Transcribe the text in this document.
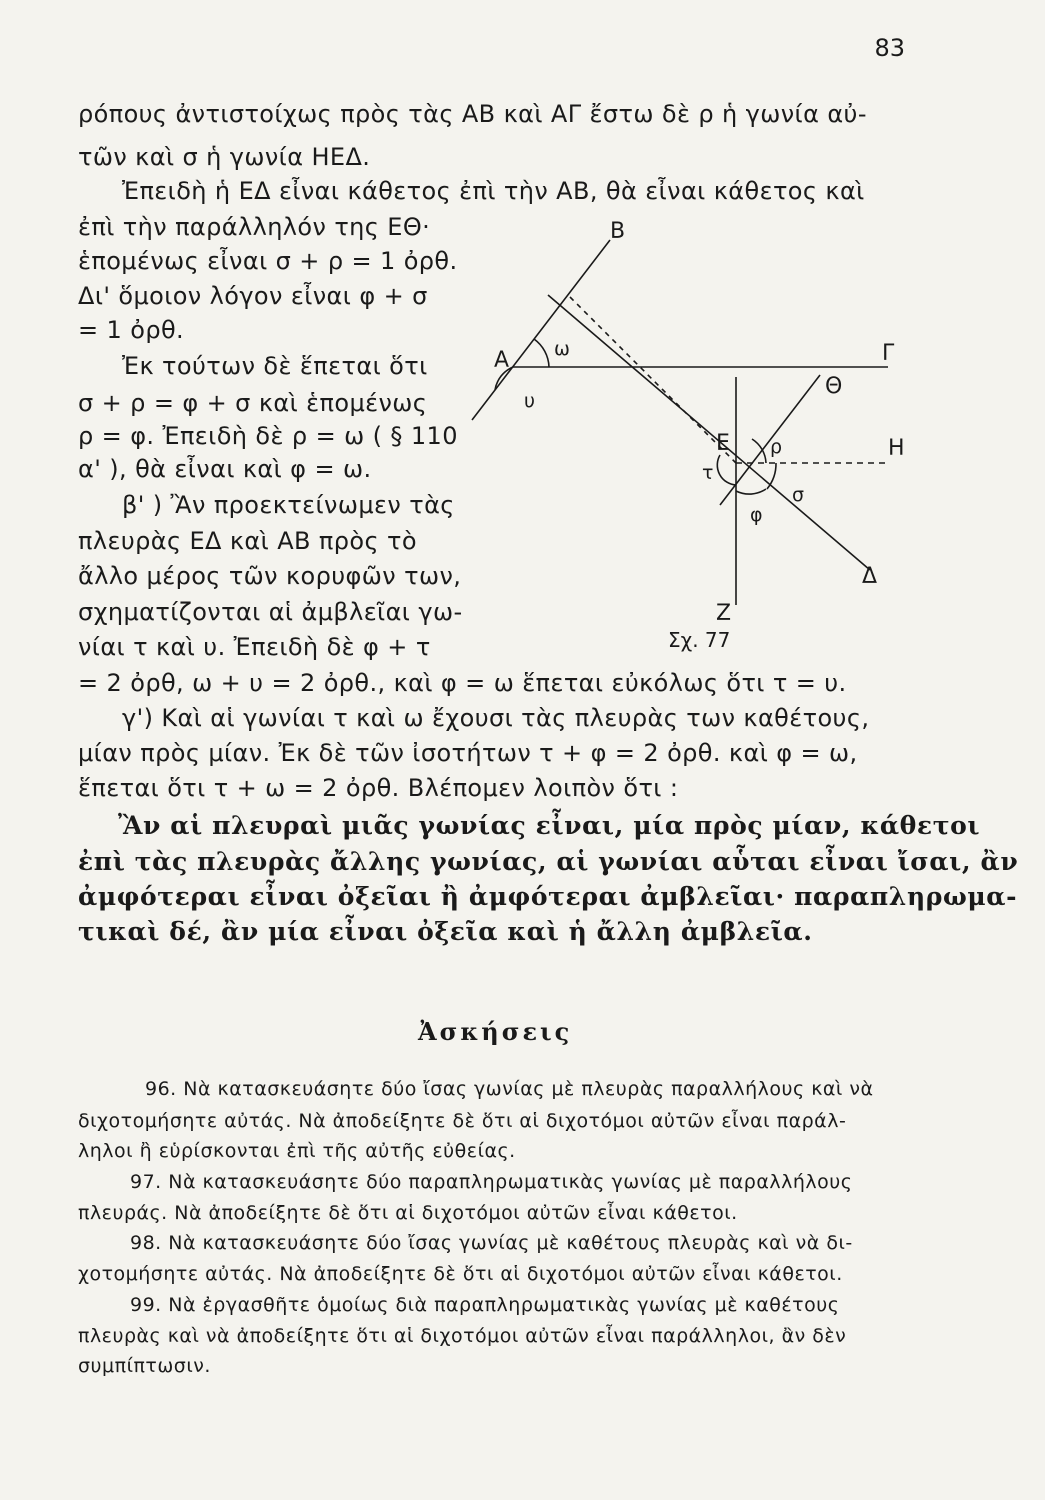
83
ρόπους ἀντιστοίχως πρὸς τὰς ΑΒ καὶ ΑΓ ἔστω δὲ ρ ἡ γωνία αὐ-
τῶν καὶ σ ἡ γωνία ΗΕΔ.
Ἐπειδὴ ἡ ΕΔ εἶναι κάθετος ἐπὶ τὴν ΑΒ, θὰ εἶναι κάθετος καὶ
ἐπὶ τὴν παράλληλόν της ΕΘ·
ἑπομένως εἶναι σ + ρ = 1 ὀρθ.
Δι' ὅμοιον λόγον εἶναι φ + σ
= 1 ὀρθ.
Ἐκ τούτων δὲ ἕπεται ὅτι
σ + ρ = φ + σ καὶ ἑπομένως
ρ = φ. Ἐπειδὴ δὲ ρ = ω ( § 110
α' ), θὰ εἶναι καὶ φ = ω.
β' ) Ἂν προεκτείνωμεν τὰς
πλευρὰς ΕΔ καὶ ΑΒ πρὸς τὸ
ἄλλο μέρος τῶν κορυφῶν των,
σχηματίζονται αἱ ἀμβλεῖαι γω-
νίαι τ καὶ υ. Ἐπειδὴ δὲ φ + τ
= 2 ὀρθ, ω + υ = 2 ὀρθ., καὶ φ = ω ἕπεται εὐκόλως ὅτι τ = υ.
γ') Καὶ αἱ γωνίαι τ καὶ ω ἔχουσι τὰς πλευρὰς των καθέτους,
μίαν πρὸς μίαν. Ἐκ δὲ τῶν ἰσοτήτων τ + φ = 2 ὀρθ. καὶ φ = ω,
ἕπεται ὅτι τ + ω = 2 ὀρθ. Βλέπομεν λοιπὸν ὅτι :
Ἂν αἱ πλευραὶ μιᾶς γωνίας εἶναι, μία πρὸς μίαν, κάθετοι
ἐπὶ τὰς πλευρὰς ἄλλης γωνίας, αἱ γωνίαι αὗται εἶναι ἴσαι, ἂν
ἀμφότεραι εἶναι ὀξεῖαι ἢ ἀμφότεραι ἀμβλεῖαι· παραπληρωμα-
τικαὶ δέ, ἂν μία εἶναι ὀξεῖα καὶ ἡ ἄλλη ἀμβλεῖα.
Ἀσκήσεις
96. Νὰ κατασκευάσητε δύο ἴσας γωνίας μὲ πλευρὰς παραλλήλους καὶ νὰ
διχοτομήσητε αὐτάς. Νὰ ἀποδείξητε δὲ ὅτι αἱ διχοτόμοι αὐτῶν εἶναι παράλ-
ληλοι ἢ εὑρίσκονται ἐπὶ τῆς αὐτῆς εὐθείας.
97. Νὰ κατασκευάσητε δύο παραπληρωματικὰς γωνίας μὲ παραλλήλους
πλευράς. Νὰ ἀποδείξητε δὲ ὅτι αἱ διχοτόμοι αὐτῶν εἶναι κάθετοι.
98. Νὰ κατασκευάσητε δύο ἴσας γωνίας μὲ καθέτους πλευρὰς καὶ νὰ δι-
χοτομήσητε αὐτάς. Νὰ ἀποδείξητε δὲ ὅτι αἱ διχοτόμοι αὐτῶν εἶναι κάθετοι.
99. Νὰ ἐργασθῆτε ὁμοίως διὰ παραπληρωματικὰς γωνίας μὲ καθέτους
πλευρὰς καὶ νὰ ἀποδείξητε ὅτι αἱ διχοτόμοι αὐτῶν εἶναι παράλληλοι, ἂν δὲν
συμπίπτωσιν.
Β
Α ω
υ
Γ
Θ
Ε ρ	Η
τ
σ
φ
Δ
Ζ
Σχ. 77
